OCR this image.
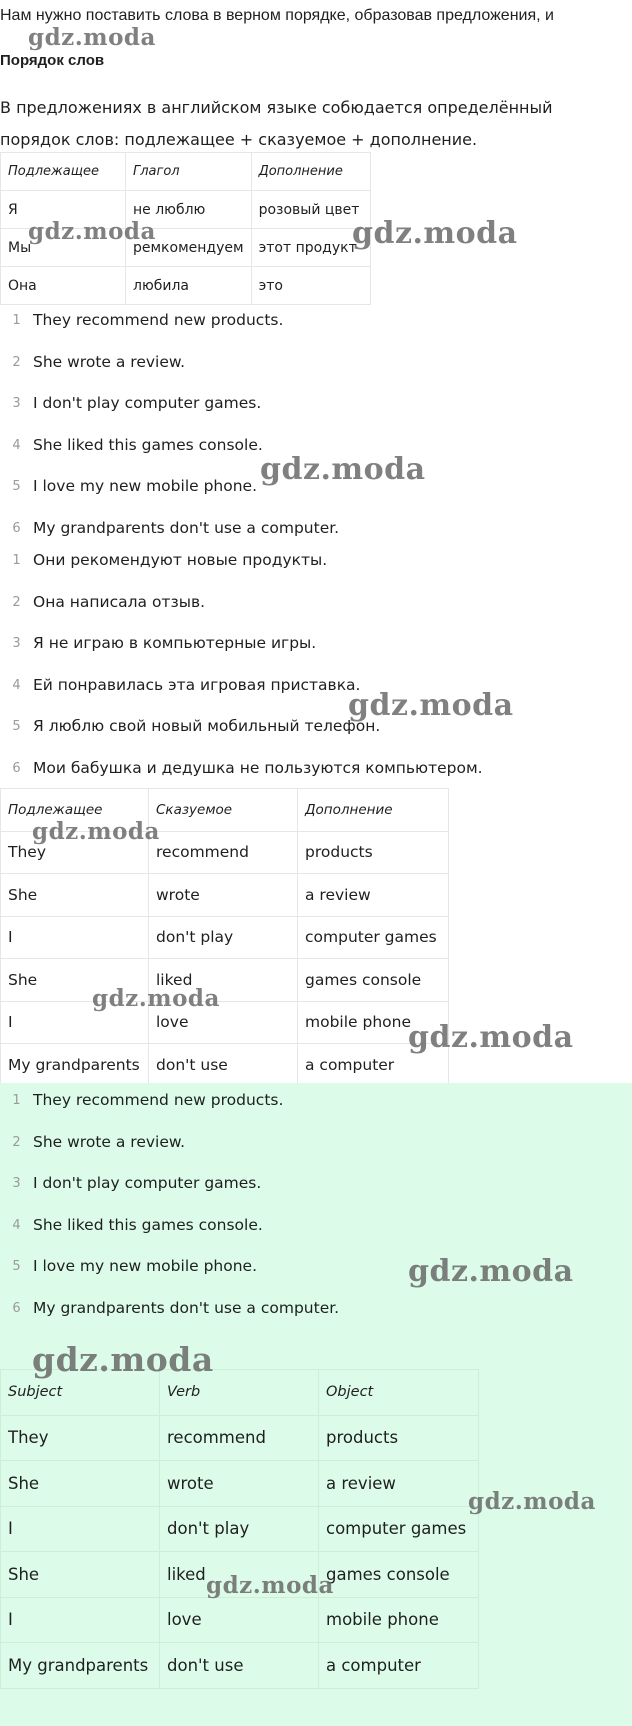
Нам нужно поставить слова в верном порядке, образовав предложения, и
Порядок слов
В предложениях в английском языке собюдается определённый порядок слов: подлежащее + сказуемое + дополнение.
Подлежащее	Глагол	Дополнение
Я	не люблю	розовый цвет
Мы	ремкомендуем	этот продукт
Она	любила	это
1 They recommend new products.
2 She wrote a review.
3 I don't play computer games.
4 She liked this games console.
5 I love my new mobile phone.
6 My grandparents don't use a computer.
1 Они рекомендуют новые продукты.
2 Она написала отзыв.
3 Я не играю в компьютерные игры.
4 Ей понравилась эта игровая приставка.
5 Я люблю свой новый мобильный телефон.
6 Мои бабушка и дедушка не пользуются компьютером.
Подлежащее	Сказуемое	Дополнение
They	recommend	products
She	wrote	a review
I	don't play	computer games
She	liked	games console
I	love	mobile phone
My grandparents	don't use	a computer
1 They recommend new products.
2 She wrote a review.
3 I don't play computer games.
4 She liked this games console.
5 I love my new mobile phone.
6 My grandparents don't use a computer.
Subject	Verb	Object
They	recommend	products
She	wrote	a review
I	don't play	computer games
She	liked	games console
I	love	mobile phone
My grandparents	don't use	a computer
gdz.moda
gdz.moda	gdz.moda
gdz.moda
gdz.moda
gdz.moda
gdz.moda
gdz.moda
gdz.moda
gdz.moda
gdz.moda
gdz.moda
